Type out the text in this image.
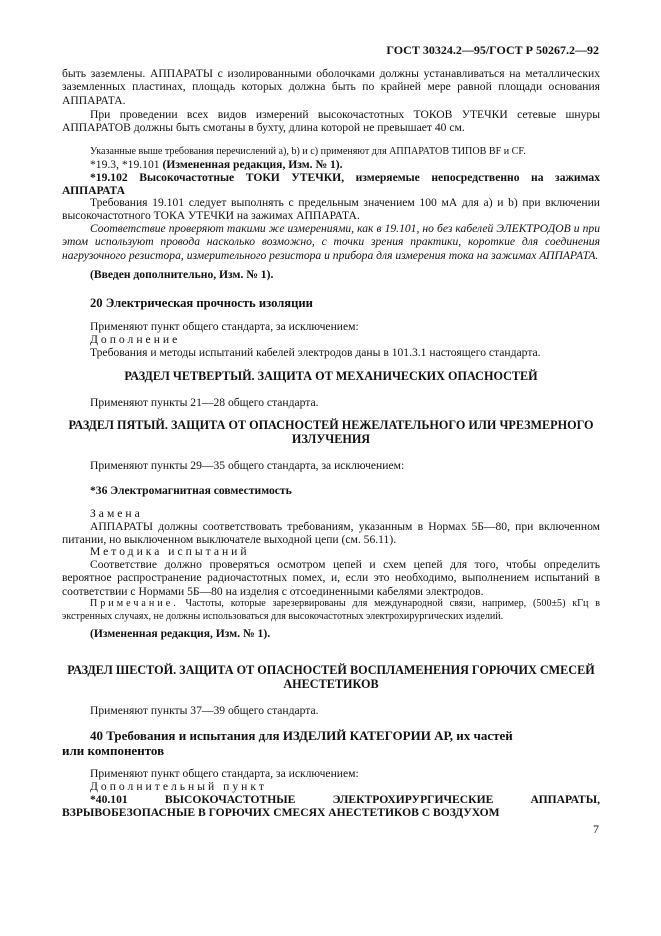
ГОСТ 30324.2—95/ГОСТ Р 50267.2—92

быть заземлены. АППАРАТЫ с изолированными оболочками должны устанавливаться на металлических заземленных пластинах, площадь которых должна быть по крайней мере равной площади основания АППАРАТА.

При проведении всех видов измерений высокочастотных ТОКОВ УТЕЧКИ сетевые шнуры АППАРАТОВ должны быть смотаны в бухту, длина которой не превышает 40 см.

Указанные выше требования перечислений а), b) и с) применяют для АППАРАТОВ ТИПОВ BF и CF.

*19.3, *19.101 (Измененная редакция, Изм. № 1).

*19.102 Высокочастотные ТОКИ УТЕЧКИ, измеряемые непосредственно на зажимах АППАРАТА

Требования 19.101 следует выполнять с предельным значением 100 мА для а) и b) при включении высокочастотного ТОКА УТЕЧКИ на зажимах АППАРАТА.

Соответствие проверяют такими же измерениями, как в 19.101, но без кабелей ЭЛЕКТРОДОВ и при этом используют провода насколько возможно, с точки зрения практики, короткие для соединения нагрузочного резистора, измерительного резистора и прибора для измерения тока на зажимах АППАРАТА.

(Введен дополнительно, Изм. № 1).

20 Электрическая прочность изоляции

Применяют пункт общего стандарта, за исключением:

Дополнение

Требования и методы испытаний кабелей электродов даны в 101.3.1 настоящего стандарта.

РАЗДЕЛ ЧЕТВЕРТЫЙ. ЗАЩИТА ОТ МЕХАНИЧЕСКИХ ОПАСНОСТЕЙ

Применяют пункты 21—28 общего стандарта.

РАЗДЕЛ ПЯТЫЙ. ЗАЩИТА ОТ ОПАСНОСТЕЙ НЕЖЕЛАТЕЛЬНОГО ИЛИ ЧРЕЗМЕРНОГО ИЗЛУЧЕНИЯ

Применяют пункты 29—35 общего стандарта, за исключением:

*36 Электромагнитная совместимость

Замена

АППАРАТЫ должны соответствовать требованиям, указанным в Нормах 5Б—80, при включенном питании, но выключенном выключателе выходной цепи (см. 56.11).

Методика испытаний

Соответствие должно проверяться осмотром цепей и схем цепей для того, чтобы определить вероятное распространение радиочастотных помех, и, если это необходимо, выполнением испытаний в соответствии с Нормами 5Б—80 на изделия с отсоединенными кабелями электродов.

Примечание. Частоты, которые зарезервированы для международной связи, например, (500±5) кГц в экстренных случаях, не должны использоваться для высокочастотных электрохирургических изделий.

(Измененная редакция, Изм. № 1).

РАЗДЕЛ ШЕСТОЙ. ЗАЩИТА ОТ ОПАСНОСТЕЙ ВОСПЛАМЕНЕНИЯ ГОРЮЧИХ СМЕСЕЙ АНЕСТЕТИКОВ

Применяют пункты 37—39 общего стандарта.

40 Требования и испытания для ИЗДЕЛИЙ КАТЕГОРИИ АР, их частей или компонентов

Применяют пункт общего стандарта, за исключением:

Дополнительный пункт

*40.101 ВЫСОКОЧАСТОТНЫЕ ЭЛЕКТРОХИРУРГИЧЕСКИЕ АППАРАТЫ, ВЗРЫВОБЕЗОПАСНЫЕ В ГОРЮЧИХ СМЕСЯХ АНЕСТЕТИКОВ С ВОЗДУХОМ

7
